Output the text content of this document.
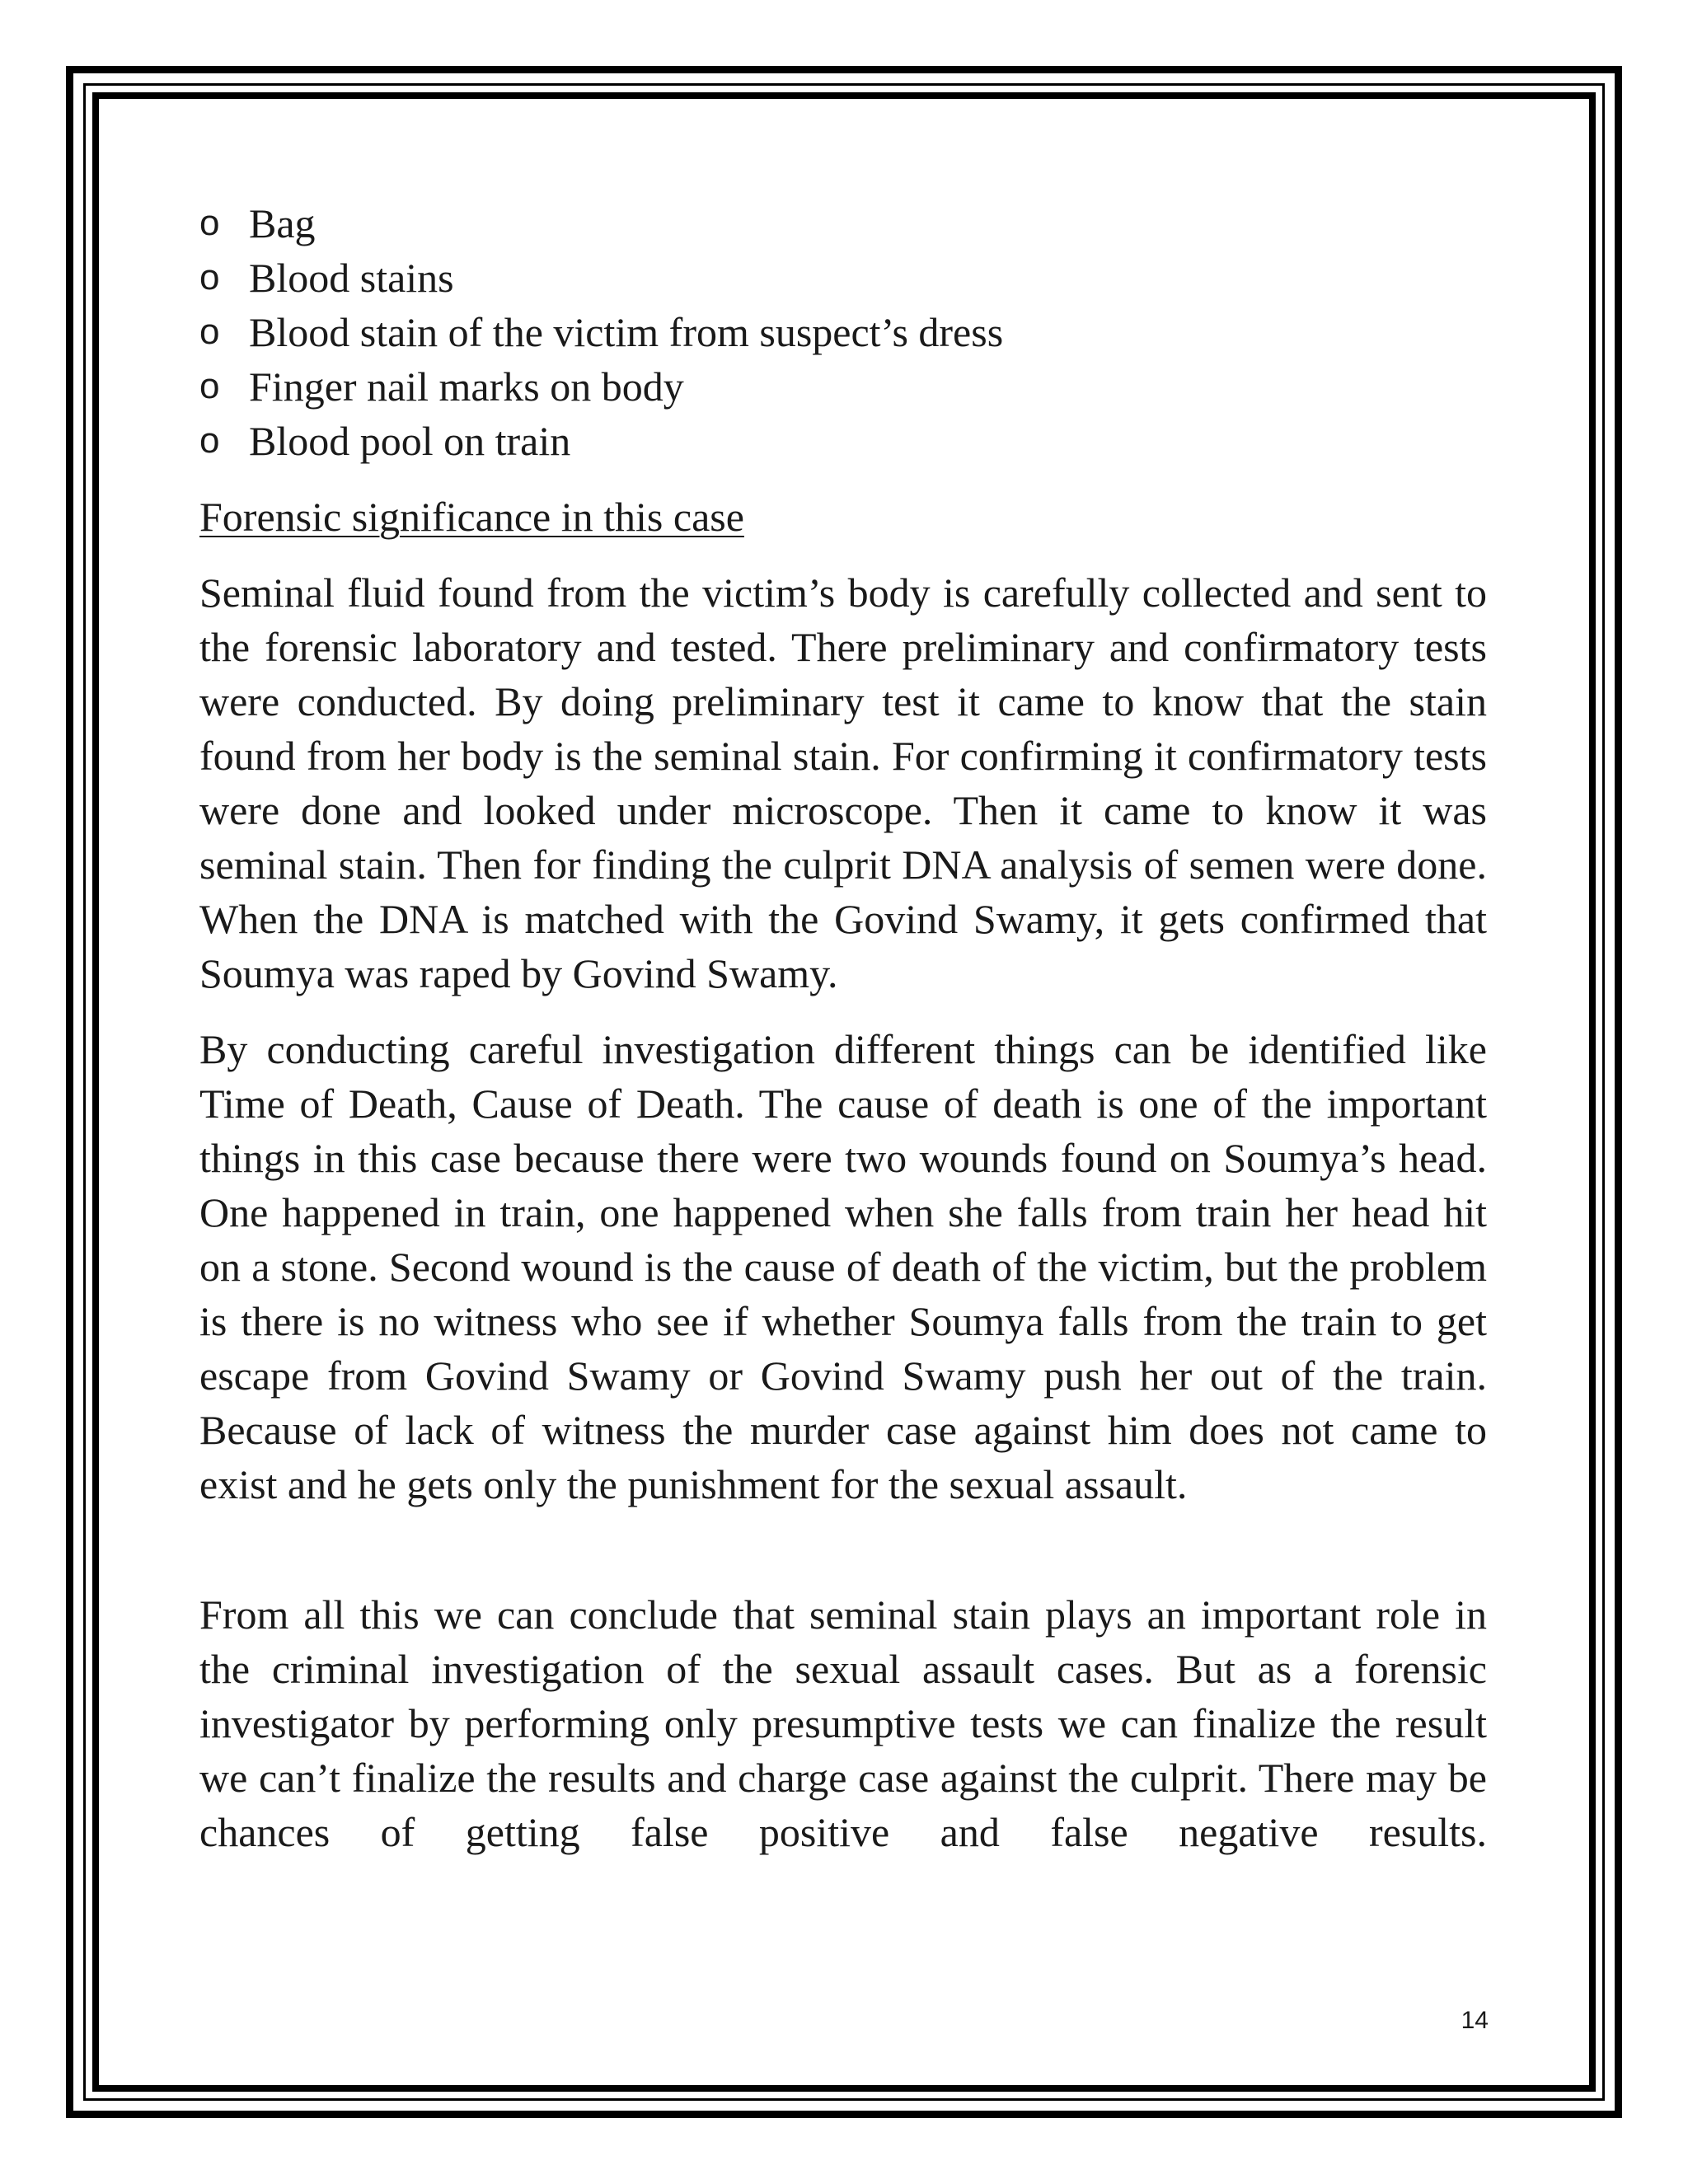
o Bag
o Blood stains
o Blood stain of the victim from suspect’s dress
o Finger nail marks on body
o Blood pool on train

Forensic significance in this case

Seminal fluid found from the victim’s body is carefully collected and sent to the forensic laboratory and tested. There preliminary and confirmatory tests were conducted. By doing preliminary test it came to know that the stain found from her body is the seminal stain. For confirming it confirmatory tests were done and looked under microscope. Then it came to know it was seminal stain. Then for finding the culprit DNA analysis of semen were done. When the DNA is matched with the Govind Swamy, it gets confirmed that Soumya was raped by Govind Swamy.

By conducting careful investigation different things can be identified like Time of Death, Cause of Death. The cause of death is one of the important things in this case because there were two wounds found on Soumya’s head. One happened in train, one happened when she falls from train her head hit on a stone. Second wound is the cause of death of the victim, but the problem is there is no witness who see if whether Soumya falls from the train to get escape from Govind Swamy or Govind Swamy push her out of the train. Because of lack of witness the murder case against him does not came to exist and he gets only the punishment for the sexual assault.

From all this we can conclude that seminal stain plays an important role in the criminal investigation of the sexual assault cases. But as a forensic investigator by performing only presumptive tests we can finalize the result we can’t finalize the results and charge case against the culprit. There may be chances of getting false positive and false negative results.

14
